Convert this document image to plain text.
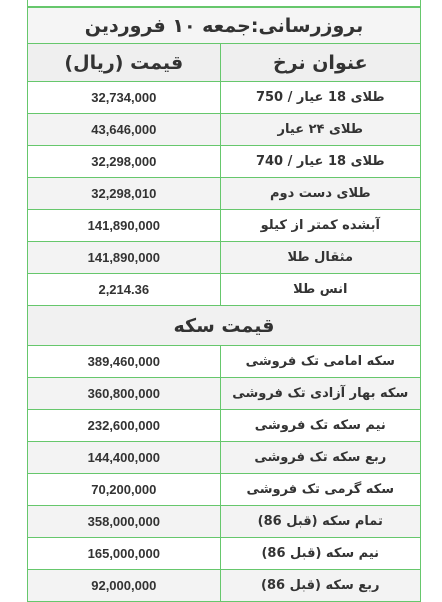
بروزرسانی:جمعه ۱۰ فروردین	
عنوان نرخ	قیمت (ریال)
طلای 18 عیار / 750	32,734,000
طلای ۲۴ عیار	43,646,000
طلای 18 عیار / 740	32,298,000
طلای دست دوم	32,298,010
آبشده کمتر از کیلو	141,890,000
مثقال طلا	141,890,000
انس طلا	2,214.36
قیمت سکه	
سکه امامی تک فروشی	389,460,000
سکه بهار آزادی تک فروشی	360,800,000
نیم سکه تک فروشی	232,600,000
ربع سکه تک فروشی	144,400,000
سکه گرمی تک فروشی	70,200,000
تمام سکه (قبل 86)	358,000,000
نیم سکه (قبل 86)	165,000,000
ربع سکه (قبل 86)	92,000,000
